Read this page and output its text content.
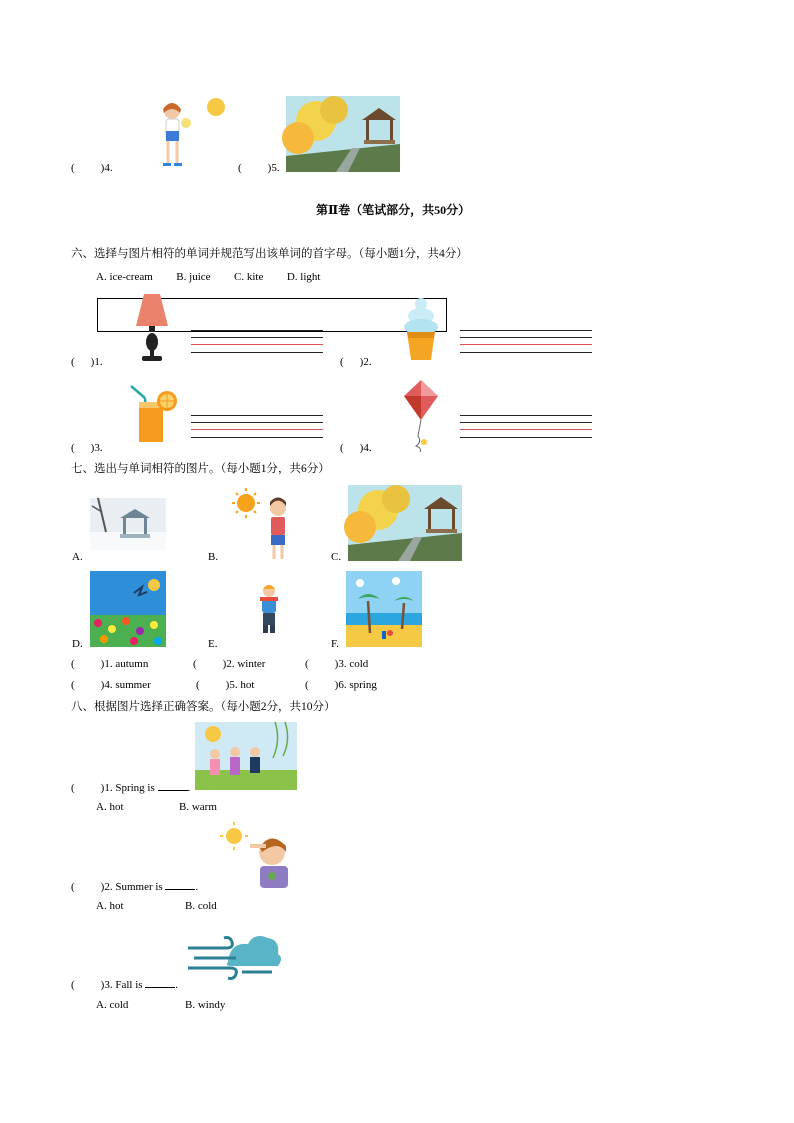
( )4.	( )5.
第Ⅱ卷（笔试部分，共50分）
六、选择与图片相符的单词并规范写出该单词的首字母。（每小题1分，共4分）
A. ice-cream B. juice C. kite D. light
( )1.	( )2.
( )3.	( )4.
七、选出与单词相符的图片。（每小题1分，共6分）
A.	B.	C.
D.	E.	F.
( )1. autumn	( )2. winter	( )3. cold
( )4. summer	( )5. hot	( )6. spring
八、根据图片选择正确答案。（每小题2分，共10分）
( )1. Spring is	.
A. hot	B. warm
( )2. Summer is	.
A. hot	B. cold
( )3. Fall is	.
A. cold	B. windy
